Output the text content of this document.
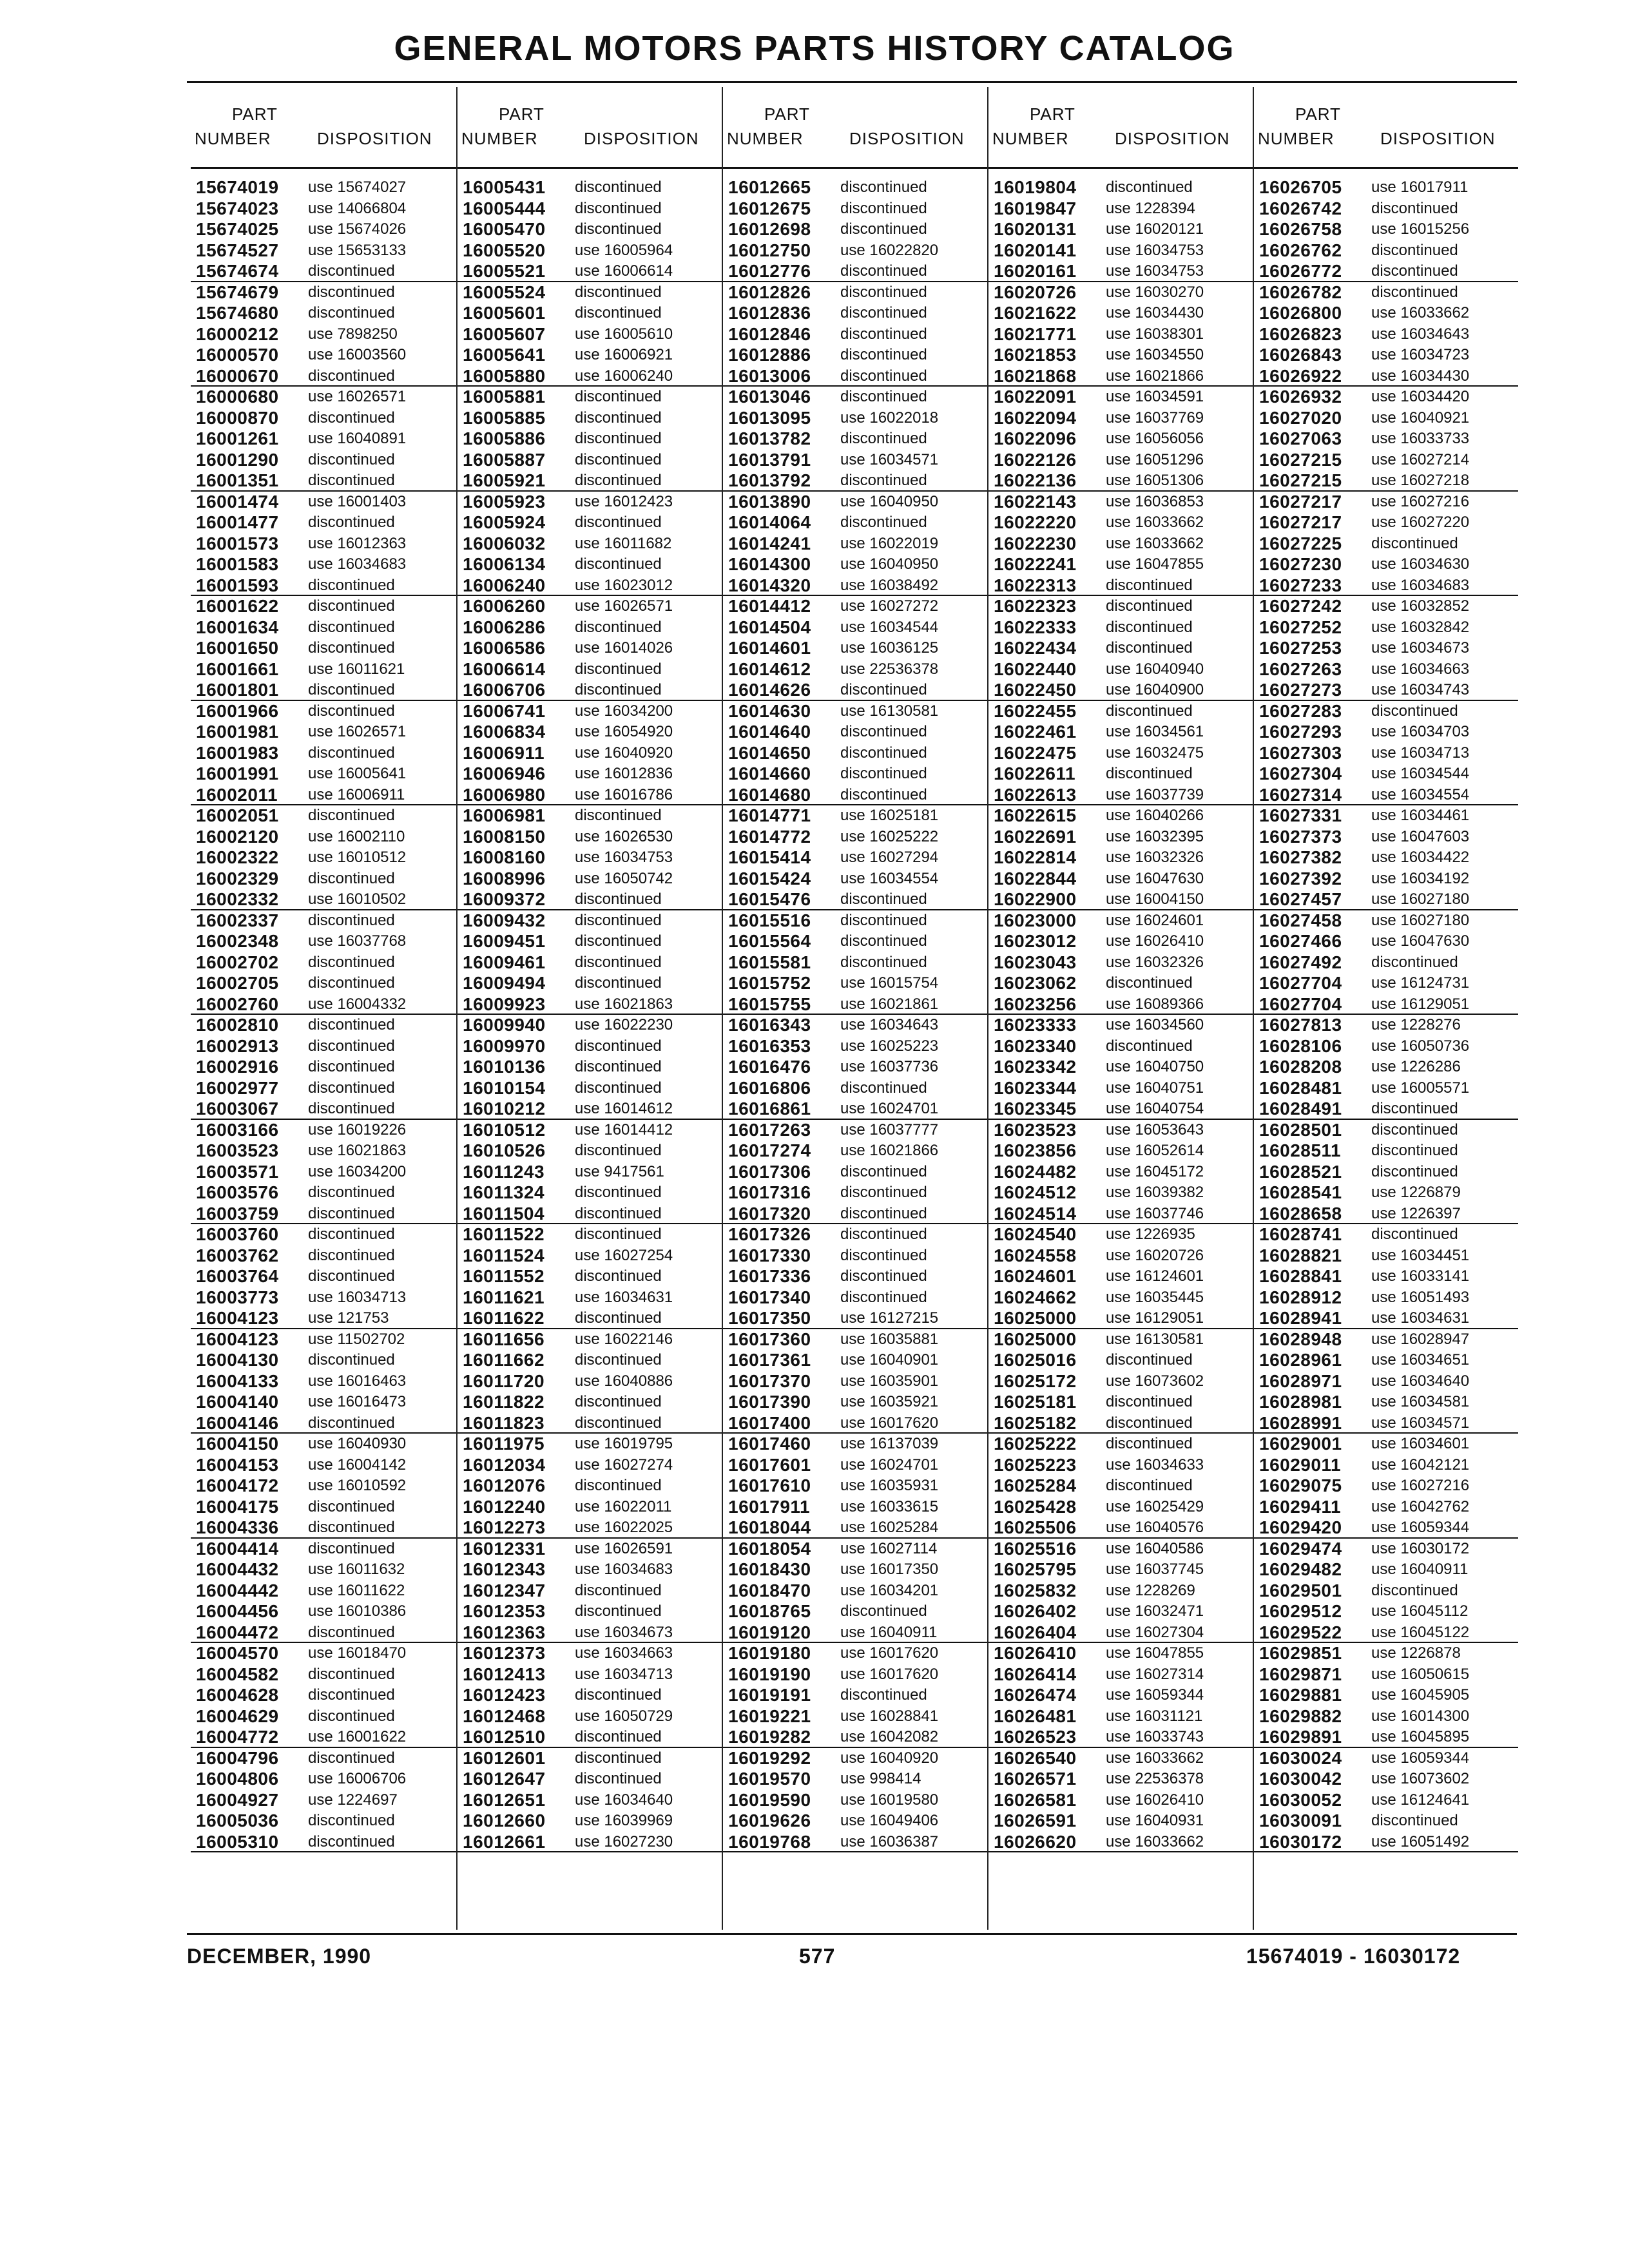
GENERAL MOTORS PARTS HISTORY CATALOG
PART
NUMBER	DISPOSITION
15674019 use 15674027
15674023 use 14066804
15674025 use 15674026
15674527 use 15653133
15674674 discontinued
15674679 discontinued
15674680 discontinued
16000212 use 7898250
16000570 use 16003560
16000670 discontinued
16000680 use 16026571
16000870 discontinued
16001261 use 16040891
16001290 discontinued
16001351 discontinued
16001474 use 16001403
16001477 discontinued
16001573 use 16012363
16001583 use 16034683
16001593 discontinued
16001622 discontinued
16001634 discontinued
16001650 discontinued
16001661 use 16011621
16001801 discontinued
16001966 discontinued
16001981 use 16026571
16001983 discontinued
16001991 use 16005641
16002011 use 16006911
16002051 discontinued
16002120 use 16002110
16002322 use 16010512
16002329 discontinued
16002332 use 16010502
16002337 discontinued
16002348 use 16037768
16002702 discontinued
16002705 discontinued
16002760 use 16004332
16002810 discontinued
16002913 discontinued
16002916 discontinued
16002977 discontinued
16003067 discontinued
16003166 use 16019226
16003523 use 16021863
16003571 use 16034200
16003576 discontinued
16003759 discontinued
16003760 discontinued
16003762 discontinued
16003764 discontinued
16003773 use 16034713
16004123 use 121753
16004123 use 11502702
16004130 discontinued
16004133 use 16016463
16004140 use 16016473
16004146 discontinued
16004150 use 16040930
16004153 use 16004142
16004172 use 16010592
16004175 discontinued
16004336 discontinued
16004414 discontinued
16004432 use 16011632
16004442 use 16011622
16004456 use 16010386
16004472 discontinued
16004570 use 16018470
16004582 discontinued
16004628 discontinued
16004629 discontinued
16004772 use 16001622
16004796 discontinued
16004806 use 16006706
16004927 use 1224697
16005036 discontinued
16005310 discontinued
PART
NUMBER	DISPOSITION
16005431 discontinued
16005444 discontinued
16005470 discontinued
16005520 use 16005964
16005521 use 16006614
16005524 discontinued
16005601 discontinued
16005607 use 16005610
16005641 use 16006921
16005880 use 16006240
16005881 discontinued
16005885 discontinued
16005886 discontinued
16005887 discontinued
16005921 discontinued
16005923 use 16012423
16005924 discontinued
16006032 use 16011682
16006134 discontinued
16006240 use 16023012
16006260 use 16026571
16006286 discontinued
16006586 use 16014026
16006614 discontinued
16006706 discontinued
16006741 use 16034200
16006834 use 16054920
16006911 use 16040920
16006946 use 16012836
16006980 use 16016786
16006981 discontinued
16008150 use 16026530
16008160 use 16034753
16008996 use 16050742
16009372 discontinued
16009432 discontinued
16009451 discontinued
16009461 discontinued
16009494 discontinued
16009923 use 16021863
16009940 use 16022230
16009970 discontinued
16010136 discontinued
16010154 discontinued
16010212 use 16014612
16010512 use 16014412
16010526 discontinued
16011243 use 9417561
16011324 discontinued
16011504 discontinued
16011522 discontinued
16011524 use 16027254
16011552 discontinued
16011621 use 16034631
16011622 discontinued
16011656 use 16022146
16011662 discontinued
16011720 use 16040886
16011822 discontinued
16011823 discontinued
16011975 use 16019795
16012034 use 16027274
16012076 discontinued
16012240 use 16022011
16012273 use 16022025
16012331 use 16026591
16012343 use 16034683
16012347 discontinued
16012353 discontinued
16012363 use 16034673
16012373 use 16034663
16012413 use 16034713
16012423 discontinued
16012468 use 16050729
16012510 discontinued
16012601 discontinued
16012647 discontinued
16012651 use 16034640
16012660 use 16039969
16012661 use 16027230
PART
NUMBER	DISPOSITION
16012665 discontinued
16012675 discontinued
16012698 discontinued
16012750 use 16022820
16012776 discontinued
16012826 discontinued
16012836 discontinued
16012846 discontinued
16012886 discontinued
16013006 discontinued
16013046 discontinued
16013095 use 16022018
16013782 discontinued
16013791 use 16034571
16013792 discontinued
16013890 use 16040950
16014064 discontinued
16014241 use 16022019
16014300 use 16040950
16014320 use 16038492
16014412 use 16027272
16014504 use 16034544
16014601 use 16036125
16014612 use 22536378
16014626 discontinued
16014630 use 16130581
16014640 discontinued
16014650 discontinued
16014660 discontinued
16014680 discontinued
16014771 use 16025181
16014772 use 16025222
16015414 use 16027294
16015424 use 16034554
16015476 discontinued
16015516 discontinued
16015564 discontinued
16015581 discontinued
16015752 use 16015754
16015755 use 16021861
16016343 use 16034643
16016353 use 16025223
16016476 use 16037736
16016806 discontinued
16016861 use 16024701
16017263 use 16037777
16017274 use 16021866
16017306 discontinued
16017316 discontinued
16017320 discontinued
16017326 discontinued
16017330 discontinued
16017336 discontinued
16017340 discontinued
16017350 use 16127215
16017360 use 16035881
16017361 use 16040901
16017370 use 16035901
16017390 use 16035921
16017400 use 16017620
16017460 use 16137039
16017601 use 16024701
16017610 use 16035931
16017911 use 16033615
16018044 use 16025284
16018054 use 16027114
16018430 use 16017350
16018470 use 16034201
16018765 discontinued
16019120 use 16040911
16019180 use 16017620
16019190 use 16017620
16019191 discontinued
16019221 use 16028841
16019282 use 16042082
16019292 use 16040920
16019570 use 998414
16019590 use 16019580
16019626 use 16049406
16019768 use 16036387
PART
NUMBER	DISPOSITION
16019804 discontinued
16019847 use 1228394
16020131 use 16020121
16020141 use 16034753
16020161 use 16034753
16020726 use 16030270
16021622 use 16034430
16021771 use 16038301
16021853 use 16034550
16021868 use 16021866
16022091 use 16034591
16022094 use 16037769
16022096 use 16056056
16022126 use 16051296
16022136 use 16051306
16022143 use 16036853
16022220 use 16033662
16022230 use 16033662
16022241 use 16047855
16022313 discontinued
16022323 discontinued
16022333 discontinued
16022434 discontinued
16022440 use 16040940
16022450 use 16040900
16022455 discontinued
16022461 use 16034561
16022475 use 16032475
16022611 discontinued
16022613 use 16037739
16022615 use 16040266
16022691 use 16032395
16022814 use 16032326
16022844 use 16047630
16022900 use 16004150
16023000 use 16024601
16023012 use 16026410
16023043 use 16032326
16023062 discontinued
16023256 use 16089366
16023333 use 16034560
16023340 discontinued
16023342 use 16040750
16023344 use 16040751
16023345 use 16040754
16023523 use 16053643
16023856 use 16052614
16024482 use 16045172
16024512 use 16039382
16024514 use 16037746
16024540 use 1226935
16024558 use 16020726
16024601 use 16124601
16024662 use 16035445
16025000 use 16129051
16025000 use 16130581
16025016 discontinued
16025172 use 16073602
16025181 discontinued
16025182 discontinued
16025222 discontinued
16025223 use 16034633
16025284 discontinued
16025428 use 16025429
16025506 use 16040576
16025516 use 16040586
16025795 use 16037745
16025832 use 1228269
16026402 use 16032471
16026404 use 16027304
16026410 use 16047855
16026414 use 16027314
16026474 use 16059344
16026481 use 16031121
16026523 use 16033743
16026540 use 16033662
16026571 use 22536378
16026581 use 16026410
16026591 use 16040931
16026620 use 16033662
PART
NUMBER	DISPOSITION
16026705 use 16017911
16026742 discontinued
16026758 use 16015256
16026762 discontinued
16026772 discontinued
16026782 discontinued
16026800 use 16033662
16026823 use 16034643
16026843 use 16034723
16026922 use 16034430
16026932 use 16034420
16027020 use 16040921
16027063 use 16033733
16027215 use 16027214
16027215 use 16027218
16027217 use 16027216
16027217 use 16027220
16027225 discontinued
16027230 use 16034630
16027233 use 16034683
16027242 use 16032852
16027252 use 16032842
16027253 use 16034673
16027263 use 16034663
16027273 use 16034743
16027283 discontinued
16027293 use 16034703
16027303 use 16034713
16027304 use 16034544
16027314 use 16034554
16027331 use 16034461
16027373 use 16047603
16027382 use 16034422
16027392 use 16034192
16027457 use 16027180
16027458 use 16027180
16027466 use 16047630
16027492 discontinued
16027704 use 16124731
16027704 use 16129051
16027813 use 1228276
16028106 use 16050736
16028208 use 1226286
16028481 use 16005571
16028491 discontinued
16028501 discontinued
16028511 discontinued
16028521 discontinued
16028541 use 1226879
16028658 use 1226397
16028741 discontinued
16028821 use 16034451
16028841 use 16033141
16028912 use 16051493
16028941 use 16034631
16028948 use 16028947
16028961 use 16034651
16028971 use 16034640
16028981 use 16034581
16028991 use 16034571
16029001 use 16034601
16029011 use 16042121
16029075 use 16027216
16029411 use 16042762
16029420 use 16059344
16029474 use 16030172
16029482 use 16040911
16029501 discontinued
16029512 use 16045112
16029522 use 16045122
16029851 use 1226878
16029871 use 16050615
16029881 use 16045905
16029882 use 16014300
16029891 use 16045895
16030024 use 16059344
16030042 use 16073602
16030052 use 16124641
16030091 discontinued
16030172 use 16051492
DECEMBER, 1990	577	15674019 - 16030172
